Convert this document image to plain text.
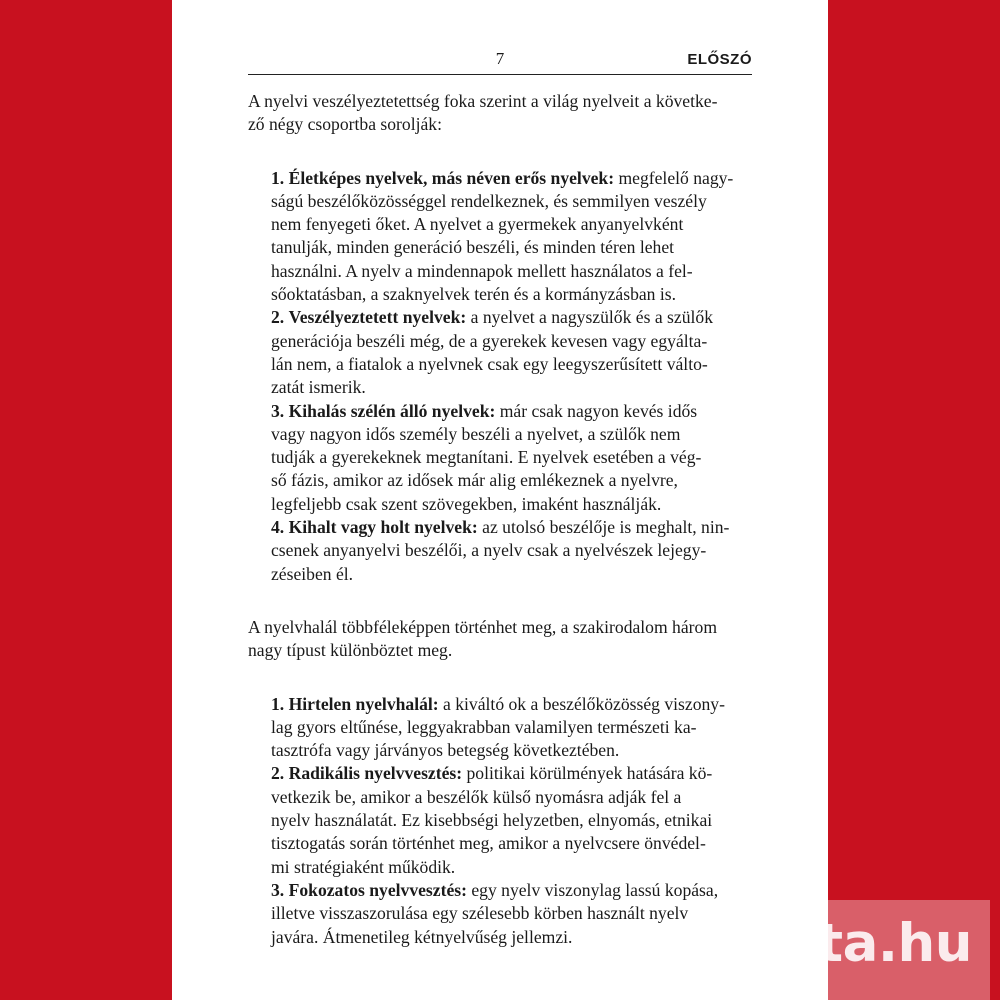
7	ELŐSZÓ

A nyelvi veszélyeztetettség foka szerint a világ nyelveit a követke-
ző négy csoportba sorolják:

1. Életképes nyelvek, más néven erős nyelvek: megfelelő nagy-
ságú beszélőközösséggel rendelkeznek, és semmilyen veszély
nem fenyegeti őket. A nyelvet a gyermekek anyanyelvként
tanulják, minden generáció beszéli, és minden téren lehet
használni. A nyelv a mindennapok mellett használatos a fel-
sőoktatásban, a szaknyelvek terén és a kormányzásban is.
2. Veszélyeztetett nyelvek: a nyelvet a nagyszülők és a szülők
generációja beszéli még, de a gyerekek kevesen vagy egyálta-
lán nem, a fiatalok a nyelvnek csak egy leegyszerűsített válto-
zatát ismerik.
3. Kihalás szélén álló nyelvek: már csak nagyon kevés idős
vagy nagyon idős személy beszéli a nyelvet, a szülők nem
tudják a gyerekeknek megtanítani. E nyelvek esetében a vég-
ső fázis, amikor az idősek már alig emlékeznek a nyelvre,
legfeljebb csak szent szövegekben, imaként használják.
4. Kihalt vagy holt nyelvek: az utolsó beszélője is meghalt, nin-
csenek anyanyelvi beszélői, a nyelv csak a nyelvészek lejegy-
zéseiben él.

A nyelvhalál többféleképpen történhet meg, a szakirodalom három
nagy típust különböztet meg.

1. Hirtelen nyelvhalál: a kiváltó ok a beszélőközösség viszony-
lag gyors eltűnése, leggyakrabban valamilyen természeti ka-
tasztrófa vagy járványos betegség következtében.
2. Radikális nyelvvesztés: politikai körülmények hatására kö-
vetkezik be, amikor a beszélők külső nyomásra adják fel a
nyelv használatát. Ez kisebbségi helyzetben, elnyomás, etnikai
tisztogatás során történhet meg, amikor a nyelvcsere önvédel-
mi stratégiaként működik.
3. Fokozatos nyelvvesztés: egy nyelv viszonylag lassú kopása,
illetve visszaszorulása egy szélesebb körben használt nyelv
javára. Átmenetileg kétnyelvűség jellemzi.	tinta.hu
